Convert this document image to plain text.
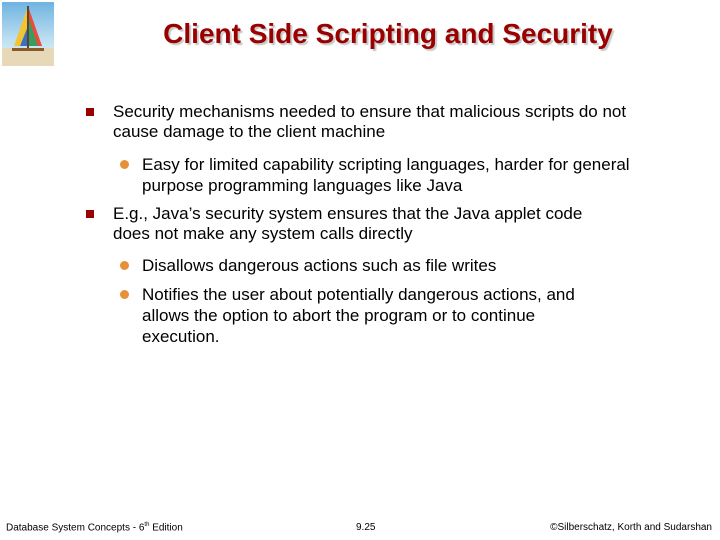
Client Side Scripting and Security
Security mechanisms needed to ensure that malicious scripts do not cause damage to the client machine
Easy for limited capability scripting languages, harder for general purpose programming languages like Java
E.g., Java’s security system ensures that the Java applet code does not make any system calls directly
Disallows dangerous actions such as file writes
Notifies the user about potentially dangerous actions, and allows the option to abort the program or to continue execution.
Database System Concepts - 6th Edition	9.25	©Silberschatz, Korth and Sudarshan
